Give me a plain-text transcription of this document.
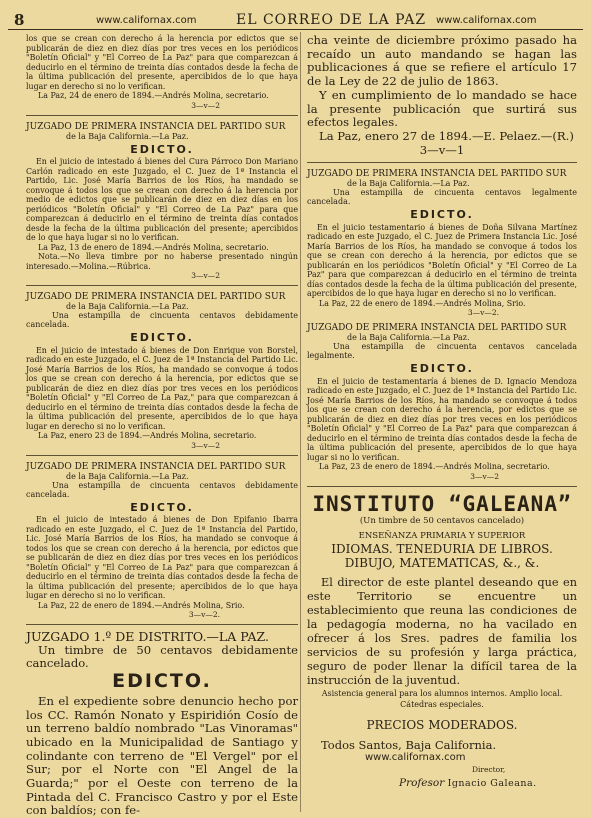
8	www.californax.com	EL CORREO DE LA PAZ www.californax.com

los que se crean con derecho á la herencia por edictos que se publicarán de diez en diez días por tres veces en los periódicos "Boletín Oficial" y "El Correo de La Paz" para que comparezcan á deducirlo en el término de treinta días contados desde la fecha de la última publicación del presente, apercibidos de lo que haya lugar en derecho si no lo verifican.

La Paz, 24 de enero de 1894.—Andrés Molina, secretario.

3—v—2

JUZGADO DE PRIMERA INSTANCIA DEL PARTIDO SUR

de la Baja California.—La Paz.

EDICTO.

En el juicio de intestado á bienes del Cura Párroco Don Mariano Carlón radicado en este Juzgado, el C. Juez de 1ª Instancia el Partido, Lic. José María Barrios de los Ríos, ha mandado se convoque á todos los que se crean con derecho á la herencia por medio de edictos que se publicarán de diez en diez días en los periódicos "Boletín Oficial" y "El Correo de La Paz" para que comparezcan á deducirlo en el término de treinta días contados desde la fecha de la última publicación del presente; apercibidos de lo que haya lugar si no lo verifican.

La Paz, 13 de enero de 1894.—Andrés Molina, secretario.

Nota.—No lleva timbre por no haberse presentado ningún interesado.—Molina.—Rúbrica.

3—v—2

JUZGADO DE PRIMERA INSTANCIA DEL PARTIDO SUR

de la Baja California.—La Paz.

Una estampilla de cincuenta centavos debidamente cancelada.

EDICTO.

En el juicio de intestado á bienes de Don Enrique von Borstel, radicado en este Juzgado, el C. Juez de 1ª Instancia del Partido Lic. José María Barrios de los Ríos, ha mandado se convoque á todos los que se crean con derecho á la herencia, por edictos que se publicarán de diez en diez días por tres veces en los periódicos "Boletín Oficial" y "El Correo de La Paz," para que comparezcan á deducirlo en el término de treinta días contados desde la fecha de la última publicación del presente, apercibidos de lo que haya lugar en derecho si no lo verifican.

La Paz, enero 23 de 1894.—Andrés Molina, secretario.

3—v—2

JUZGADO DE PRIMERA INSTANCIA DEL PARTIDO SUR

de la Baja California.—La Paz.

Una estampilla de cincuenta centavos debidamente cancelada.

EDICTO.

En el juicio de intestado á bienes de Don Epifanio Ibarra radicado en este Juzgado, el C. Juez de 1ª Instancia del Partido, Lic. José María Barrios de los Ríos, ha mandado se convoque á todos los que se crean con derecho á la herencia, por edictos que se publicarán de diez en diez días por tres veces en los periódicos "Boletín Oficial" y "El Correo de La Paz" para que comparezcan á deducirlo en el término de treinta días contados desde la fecha de la última publicación del presente; apercibidos de lo que haya lugar en derecho si no lo verifican.

La Paz, 22 de enero de 1894.—Andrés Molina, Srio.

3—v—2.

JUZGADO 1.º DE DISTRITO.—LA PAZ.

Un timbre de 50 centavos debidamente cancelado.

EDICTO.

En el expediente sobre denuncio hecho por los CC. Ramón Nonato y Espiridión Cosío de un terreno baldío nombrado "Las Vinoramas" ubicado en la Municipalidad de Santiago y colindante con terreno de "El Vergel" por el Sur; por el Norte con "El Angel de la Guarda;" por el Oeste con terreno de la Pintada del C. Francisco Castro y por el Este con baldíos; con fe-

cha veinte de diciembre próximo pasado ha recaído un auto mandando se hagan las publicaciones á que se refiere el artículo 17 de la Ley de 22 de julio de 1863.

Y en cumplimiento de lo mandado se hace la presente publicación que surtirá sus efectos legales.

La Paz, enero 27 de 1894.—E. Pelaez.—(R.)

3—v—1

JUZGADO DE PRIMERA INSTANCIA DEL PARTIDO SUR

de la Baja California.—La Paz.

Una estampilla de cincuenta centavos legalmente cancelada.

EDICTO.

En el juicio testamentario á bienes de Doña Silvana Martínez radicado en este Juzgado, el C. Juez de Primera Instancia Lic. José María Barrios de los Ríos, ha mandado se convoque á todos los que se crean con derecho á la herencia, por edictos que se publicarán en los periódicos "Boletín Oficial" y "El Correo de La Paz" para que comparezcan á deducirlo en el término de treinta días contados desde la fecha de la última publicación del presente, apercibidos de lo que haya lugar en derecho si no lo verifican.

La Paz, 22 de enero de 1894.—Andrés Molina, Srio.

3—v—2.

JUZGADO DE PRIMERA INSTANCIA DEL PARTIDO SUR

de la Baja California.—La Paz.

Una estampilla de cincuenta centavos cancelada legalmente.

EDICTO.

En el juicio de testamentaría á bienes de D. Ignacio Mendoza radicado en este Juzgado, el C. Juez de 1ª Instancia del Partido Lic. José María Barrios de los Ríos, ha mandado se convoque á todos los que se crean con derecho á la herencia, por edictos que se publicarán de diez en diez días por tres veces en los periódicos "Boletín Oficial" y "El Correo de La Paz" para que comparezcan á deducirlo en el término de treinta días contados desde la fecha de la última publicación del presente, apercibidos de lo que haya lugar si no lo verifican.

La Paz, 23 de enero de 1894.—Andrés Molina, secretario.

3—v—2

INSTITUTO “GALEANA”

(Un timbre de 50 centavos cancelado)

ENSEÑANZA PRIMARIA Y SUPERIOR

IDIOMAS. TENEDURIA DE LIBROS. DIBUJO, MATEMATICAS, &., &.

El director de este plantel deseando que en este Territorio se encuentre un establecimiento que reuna las condiciones de la pedagogía moderna, no ha vacilado en ofrecer á los Sres. padres de familia los servicios de su profesión y larga práctica, seguro de poder llenar la difícil tarea de la instrucción de la juventud.

Asistencia general para los alumnos internos. Amplio local.

Cátedras especiales.

PRECIOS MODERADOS.

Todos Santos, Baja California.

www.californax.com

Director,

Profesor Ignacio Galeana.
